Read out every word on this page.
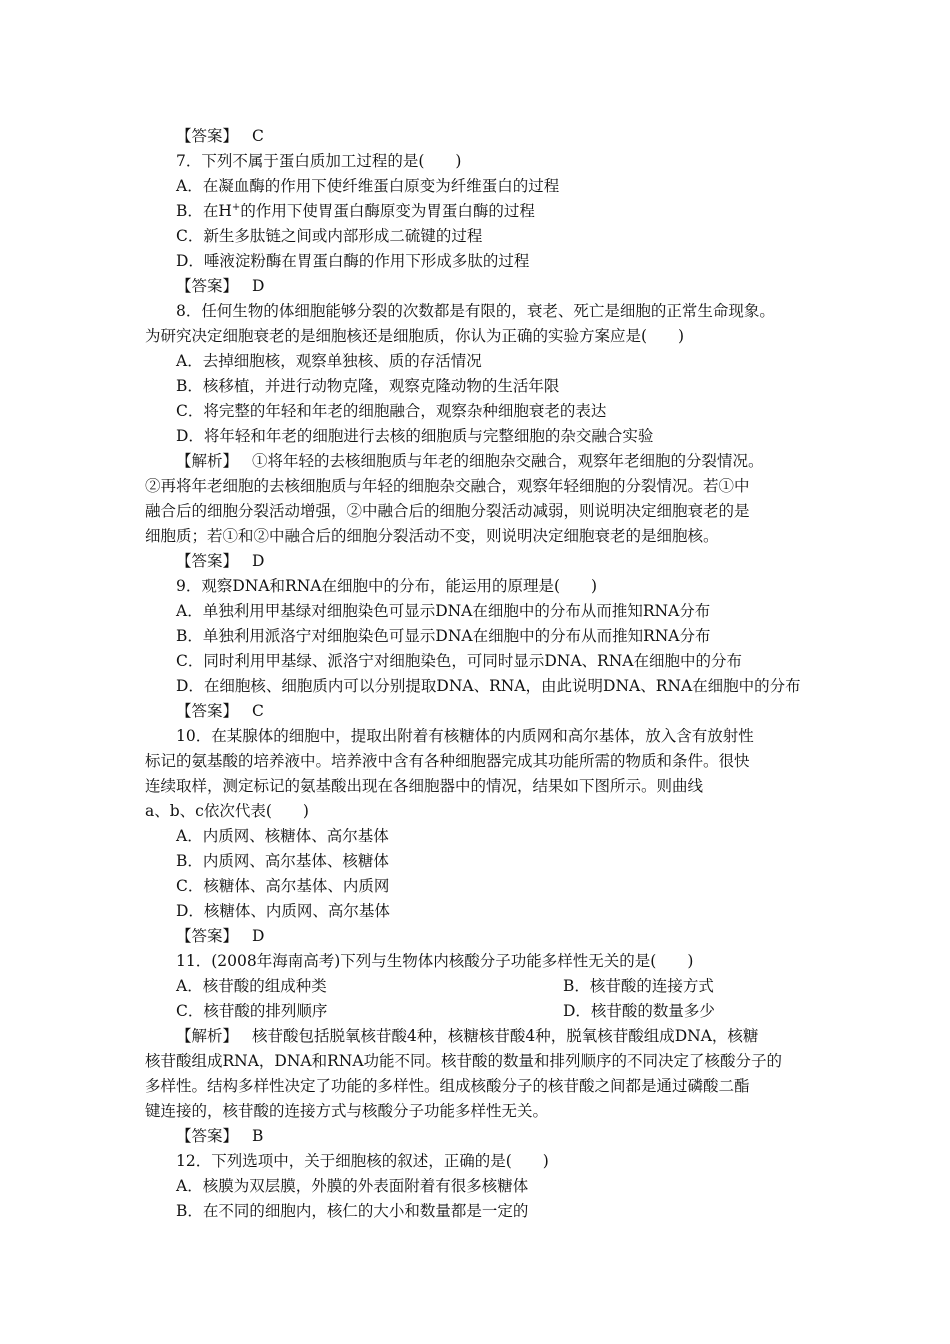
【答案】 C
7．下列不属于蛋白质加工过程的是(　　)
A．在凝血酶的作用下使纤维蛋白原变为纤维蛋白的过程
B．在H+的作用下使胃蛋白酶原变为胃蛋白酶的过程
C．新生多肽链之间或内部形成二硫键的过程
D．唾液淀粉酶在胃蛋白酶的作用下形成多肽的过程
【答案】 D
8．任何生物的体细胞能够分裂的次数都是有限的，衰老、死亡是细胞的正常生命现象。
为研究决定细胞衰老的是细胞核还是细胞质，你认为正确的实验方案应是(　　)
A．去掉细胞核，观察单独核、质的存活情况
B．核移植，并进行动物克隆，观察克隆动物的生活年限
C．将完整的年轻和年老的细胞融合，观察杂种细胞衰老的表达
D．将年轻和年老的细胞进行去核的细胞质与完整细胞的杂交融合实验
【解析】 ①将年轻的去核细胞质与年老的细胞杂交融合，观察年老细胞的分裂情况。
②再将年老细胞的去核细胞质与年轻的细胞杂交融合，观察年轻细胞的分裂情况。若①中
融合后的细胞分裂活动增强，②中融合后的细胞分裂活动减弱，则说明决定细胞衰老的是
细胞质；若①和②中融合后的细胞分裂活动不变，则说明决定细胞衰老的是细胞核。
【答案】 D
9．观察DNA和RNA在细胞中的分布，能运用的原理是(　　)
A．单独利用甲基绿对细胞染色可显示DNA在细胞中的分布从而推知RNA分布
B．单独利用派洛宁对细胞染色可显示DNA在细胞中的分布从而推知RNA分布
C．同时利用甲基绿、派洛宁对细胞染色，可同时显示DNA、RNA在细胞中的分布
D．在细胞核、细胞质内可以分别提取DNA、RNA，由此说明DNA、RNA在细胞中的分布
【答案】 C
10．在某腺体的细胞中，提取出附着有核糖体的内质网和高尔基体，放入含有放射性
标记的氨基酸的培养液中。培养液中含有各种细胞器完成其功能所需的物质和条件。很快
连续取样，测定标记的氨基酸出现在各细胞器中的情况，结果如下图所示。则曲线
a、b、c依次代表(　　)
A．内质网、核糖体、高尔基体
B．内质网、高尔基体、核糖体
C．核糖体、高尔基体、内质网
D．核糖体、内质网、高尔基体
【答案】 D
11．(2008年海南高考)下列与生物体内核酸分子功能多样性无关的是(　　)
A．核苷酸的组成种类	B．核苷酸的连接方式
C．核苷酸的排列顺序	D．核苷酸的数量多少
【解析】 核苷酸包括脱氧核苷酸4种，核糖核苷酸4种，脱氧核苷酸组成DNA，核糖
核苷酸组成RNA，DNA和RNA功能不同。核苷酸的数量和排列顺序的不同决定了核酸分子的
多样性。结构多样性决定了功能的多样性。组成核酸分子的核苷酸之间都是通过磷酸二酯
键连接的，核苷酸的连接方式与核酸分子功能多样性无关。
【答案】 B
12．下列选项中，关于细胞核的叙述，正确的是(　　)
A．核膜为双层膜，外膜的外表面附着有很多核糖体
B．在不同的细胞内，核仁的大小和数量都是一定的
